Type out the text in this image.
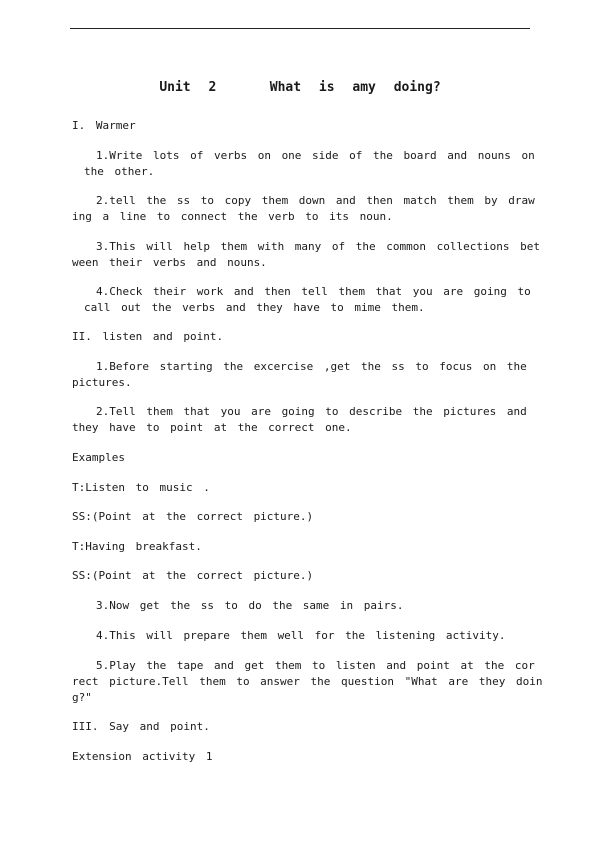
Unit 2   What is amy doing?
I. Warmer
1.Write lots of verbs on one side of the board and nouns on
the other.
2.tell the ss to copy them down and then match them by draw
ing a line to connect the verb to its noun.
3.This will help them with many of the common collections bet
ween their verbs and nouns.
4.Check their work and then tell them that you are going to
call out the verbs and they have to mime them.
II. listen and point.
1.Before starting the excercise ,get the ss to focus on the
pictures.
2.Tell them that you are going to describe the pictures and
they have to point at the correct one.
Examples
T:Listen to music .
SS:(Point at the correct picture.)
T:Having breakfast.
SS:(Point at the correct picture.)
3.Now get the ss to do the same in pairs.
4.This will prepare them well for the listening activity.
5.Play the tape and get them to listen and point at the cor
rect picture.Tell them to answer the question "What are they doin
g?"
III. Say and point.
Extension activity 1
